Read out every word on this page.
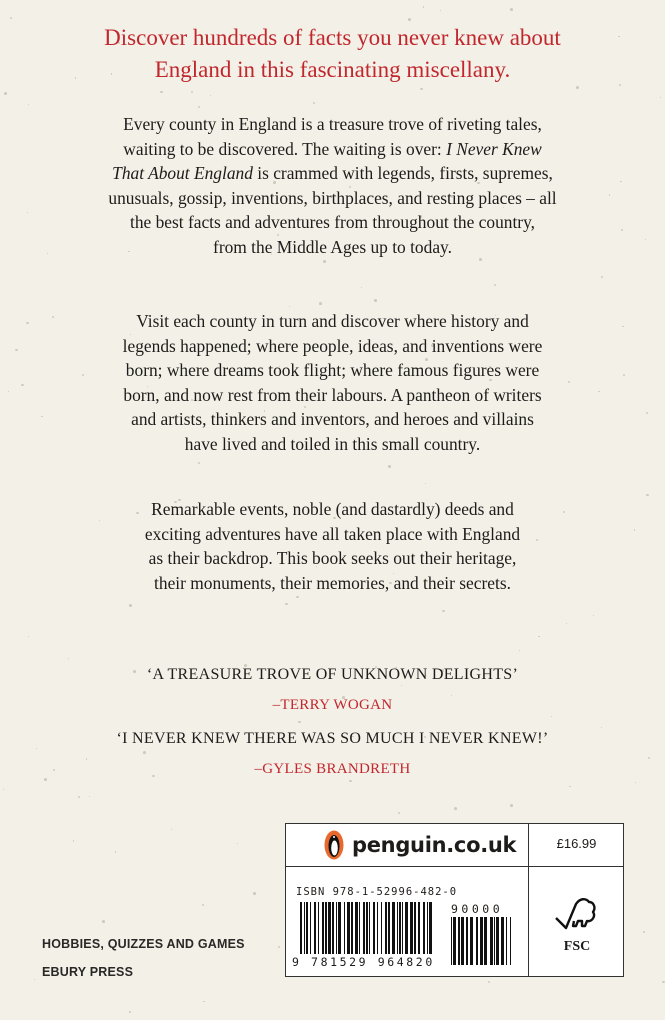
Discover hundreds of facts you never knew about
England in this fascinating miscellany.
Every county in England is a treasure trove of riveting tales,
waiting to be discovered. The waiting is over: I Never Knew
That About England is crammed with legends, firsts, supremes,
unusuals, gossip, inventions, birthplaces, and resting places – all
the best facts and adventures from throughout the country,
from the Middle Ages up to today.
Visit each county in turn and discover where history and
legends happened; where people, ideas, and inventions were
born; where dreams took flight; where famous figures were
born, and now rest from their labours. A pantheon of writers
and artists, thinkers and inventors, and heroes and villains
have lived and toiled in this small country.
Remarkable events, noble (and dastardly) deeds and
exciting adventures have all taken place with England
as their backdrop. This book seeks out their heritage,
their monuments, their memories, and their secrets.
‘A TREASURE TROVE OF UNKNOWN DELIGHTS’
–TERRY WOGAN
‘I NEVER KNEW THERE WAS SO MUCH I NEVER KNEW!’
–GYLES BRANDRETH
penguin.co.uk	£16.99
ISBN 978-1-52996-482-0
9 781529 964820
90000
FSC
HOBBIES, QUIZZES AND GAMES
EBURY PRESS
